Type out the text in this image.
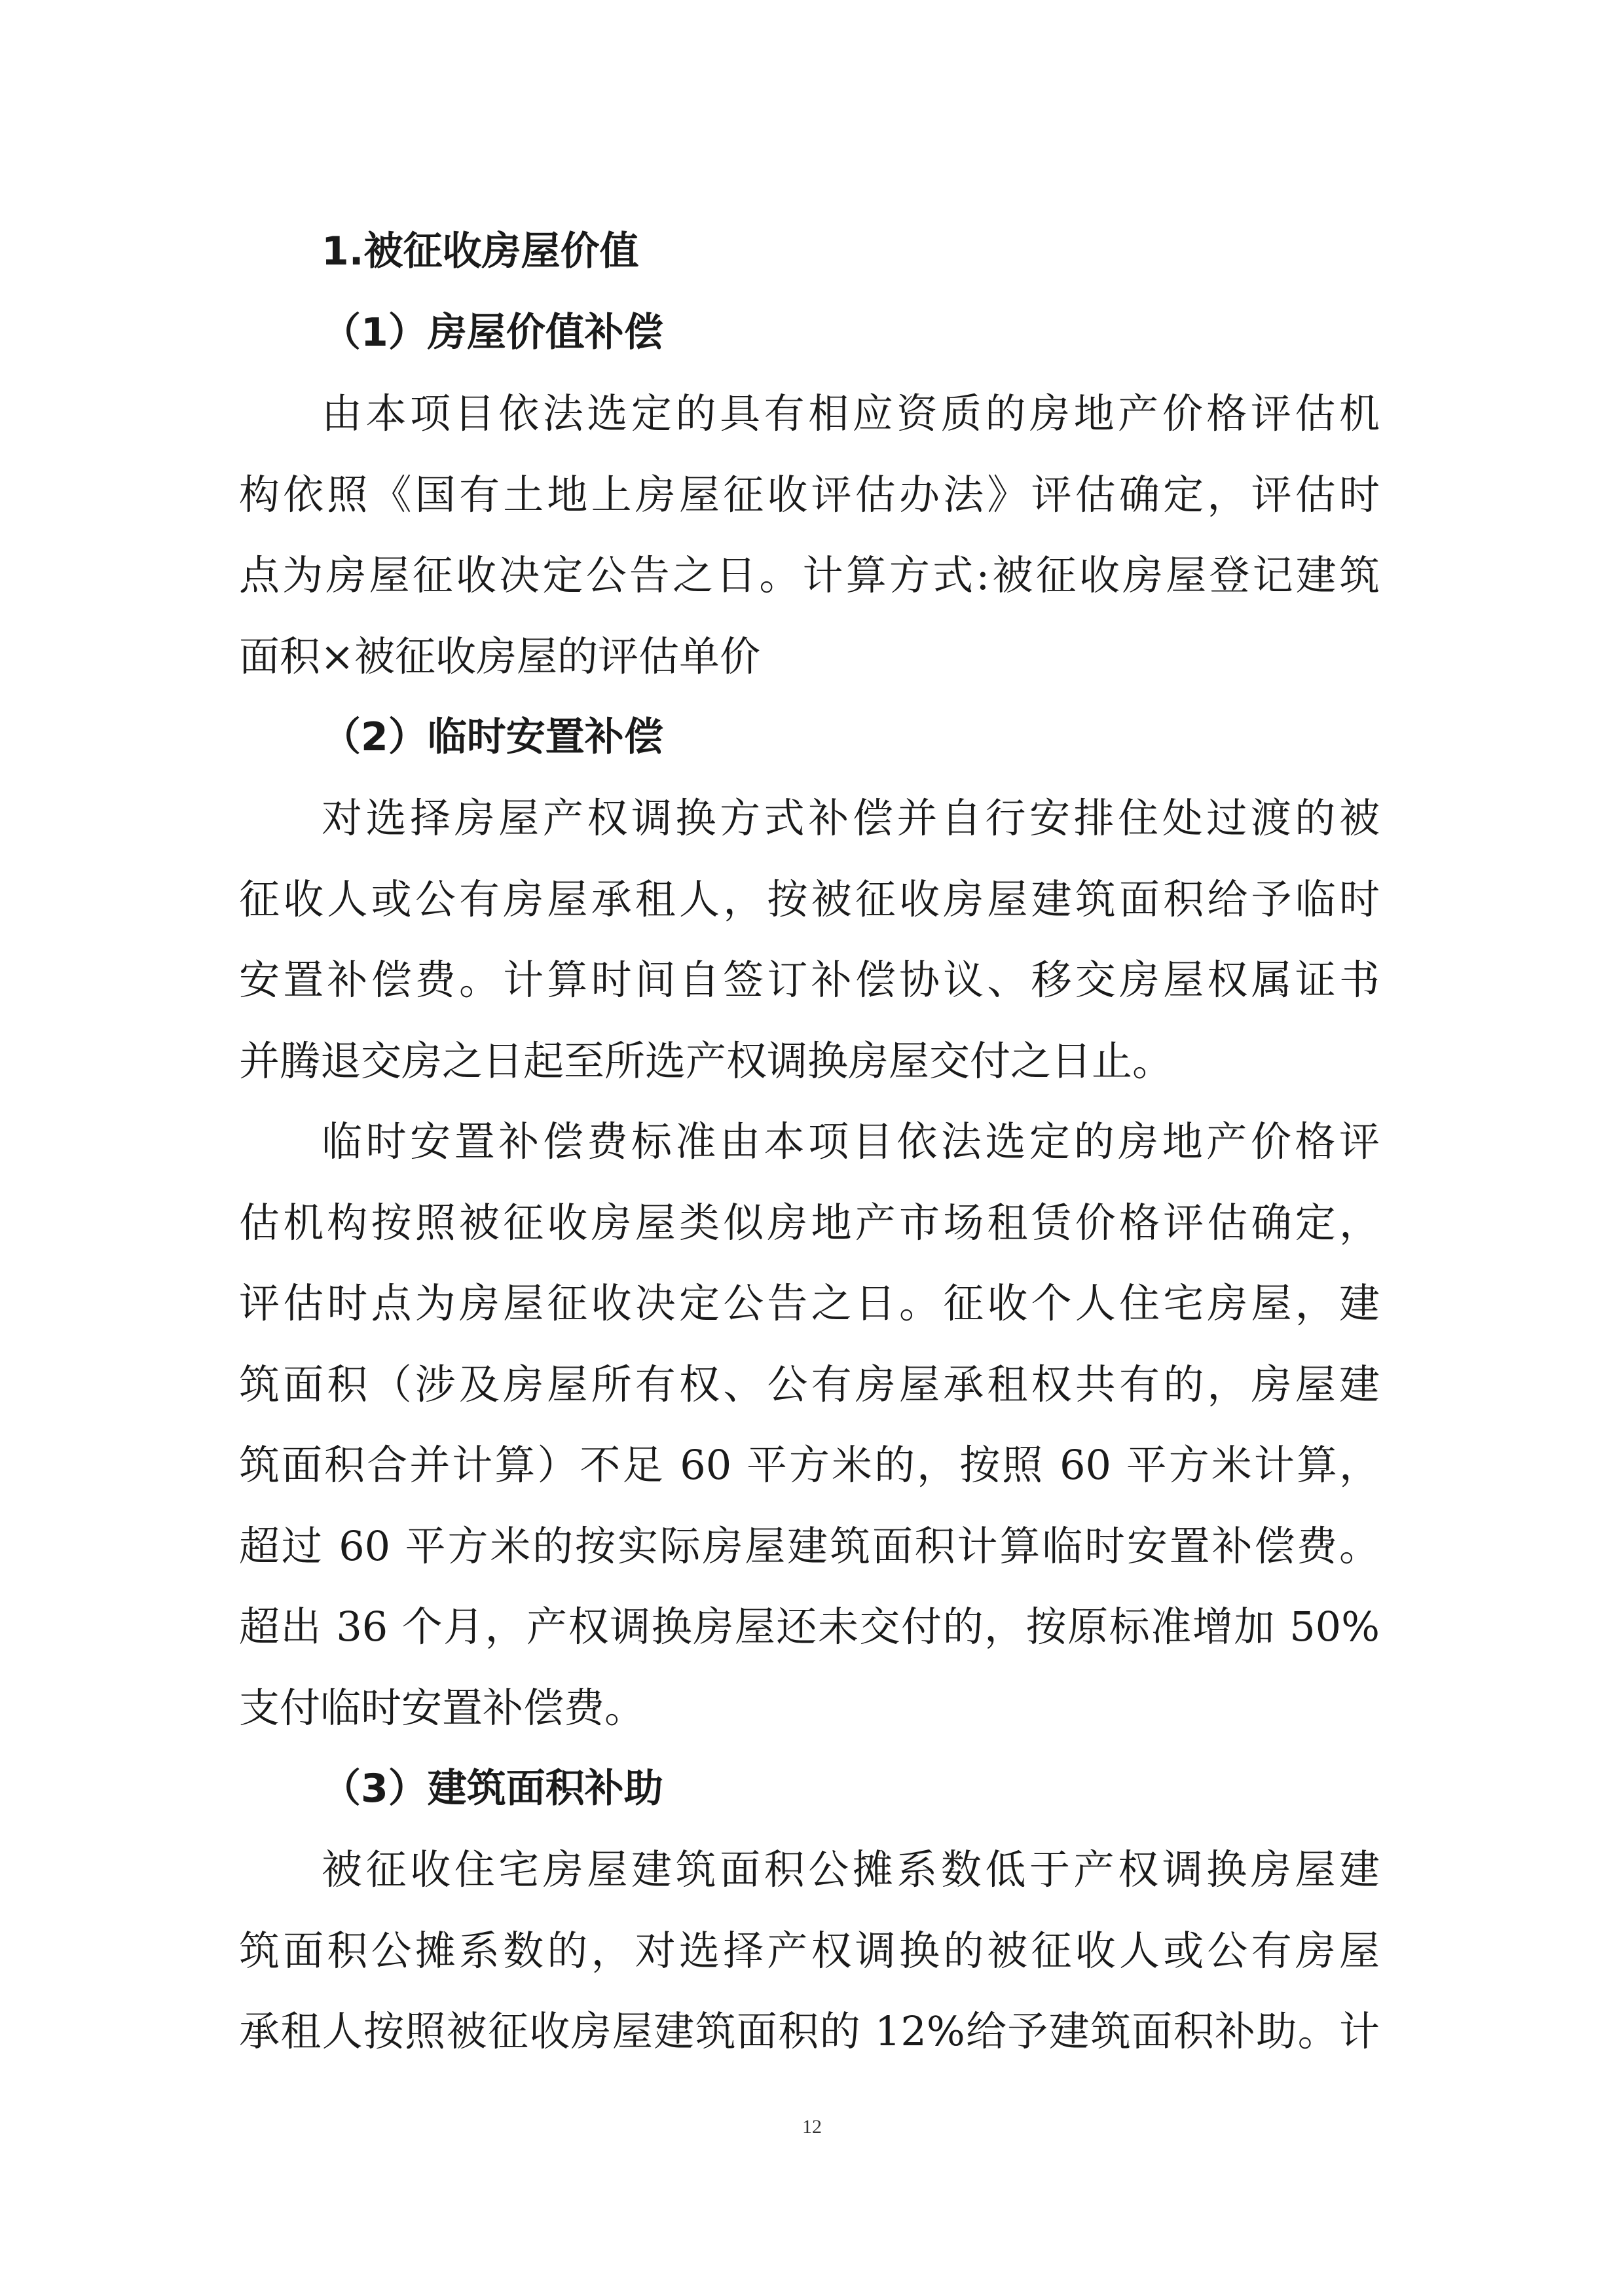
1.被征收房屋价值
（1）房屋价值补偿
由本项目依法选定的具有相应资质的房地产价格评估机
构依照《国有土地上房屋征收评估办法》评估确定，评估时
点为房屋征收决定公告之日。计算方式:被征收房屋登记建筑
面积×被征收房屋的评估单价
（2）临时安置补偿
对选择房屋产权调换方式补偿并自行安排住处过渡的被
征收人或公有房屋承租人，按被征收房屋建筑面积给予临时
安置补偿费。计算时间自签订补偿协议、移交房屋权属证书
并腾退交房之日起至所选产权调换房屋交付之日止。
临时安置补偿费标准由本项目依法选定的房地产价格评
估机构按照被征收房屋类似房地产市场租赁价格评估确定，
评估时点为房屋征收决定公告之日。征收个人住宅房屋，建
筑面积（涉及房屋所有权、公有房屋承租权共有的，房屋建
筑面积合并计算）不足 60 平方米的，按照 60 平方米计算，
超过 60 平方米的按实际房屋建筑面积计算临时安置补偿费。
超出 36 个月，产权调换房屋还未交付的，按原标准增加 50%
支付临时安置补偿费。
（3）建筑面积补助
被征收住宅房屋建筑面积公摊系数低于产权调换房屋建
筑面积公摊系数的，对选择产权调换的被征收人或公有房屋
承租人按照被征收房屋建筑面积的 12%给予建筑面积补助。计
12
